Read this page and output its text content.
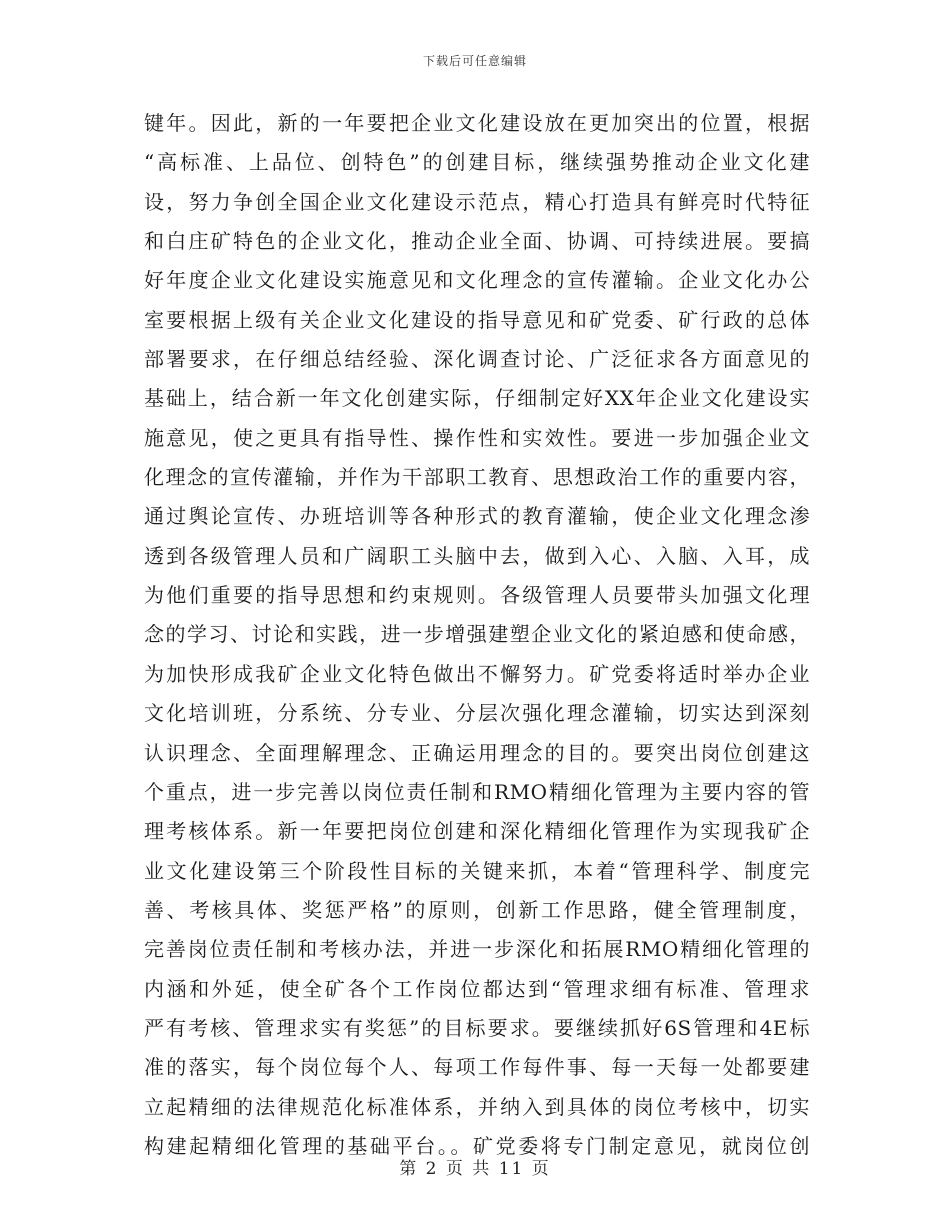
下载后可任意编辑
键年。因此，新的一年要把企业文化建设放在更加突出的位置，根据
“高标准、上品位、创特色”的创建目标，继续强势推动企业文化建
设，努力争创全国企业文化建设示范点，精心打造具有鲜亮时代特征
和白庄矿特色的企业文化，推动企业全面、协调、可持续进展。要搞
好年度企业文化建设实施意见和文化理念的宣传灌输。企业文化办公
室要根据上级有关企业文化建设的指导意见和矿党委、矿行政的总体
部署要求，在仔细总结经验、深化调查讨论、广泛征求各方面意见的
基础上，结合新一年文化创建实际，仔细制定好XX年企业文化建设实
施意见，使之更具有指导性、操作性和实效性。要进一步加强企业文
化理念的宣传灌输，并作为干部职工教育、思想政治工作的重要内容，
通过舆论宣传、办班培训等各种形式的教育灌输，使企业文化理念渗
透到各级管理人员和广阔职工头脑中去，做到入心、入脑、入耳，成
为他们重要的指导思想和约束规则。各级管理人员要带头加强文化理
念的学习、讨论和实践，进一步增强建塑企业文化的紧迫感和使命感，
为加快形成我矿企业文化特色做出不懈努力。矿党委将适时举办企业
文化培训班，分系统、分专业、分层次强化理念灌输，切实达到深刻
认识理念、全面理解理念、正确运用理念的目的。要突出岗位创建这
个重点，进一步完善以岗位责任制和RMO精细化管理为主要内容的管
理考核体系。新一年要把岗位创建和深化精细化管理作为实现我矿企
业文化建设第三个阶段性目标的关键来抓，本着“管理科学、制度完
善、考核具体、奖惩严格”的原则，创新工作思路，健全管理制度，
完善岗位责任制和考核办法，并进一步深化和拓展RMO精细化管理的
内涵和外延，使全矿各个工作岗位都达到“管理求细有标准、管理求
严有考核、管理求实有奖惩”的目标要求。要继续抓好6S管理和4E标
准的落实，每个岗位每个人、每项工作每件事、每一天每一处都要建
立起精细的法律规范化标准体系，并纳入到具体的岗位考核中，切实
构建起精细化管理的基础平台。。矿党委将专门制定意见，就岗位创
第 2 页 共 11 页
